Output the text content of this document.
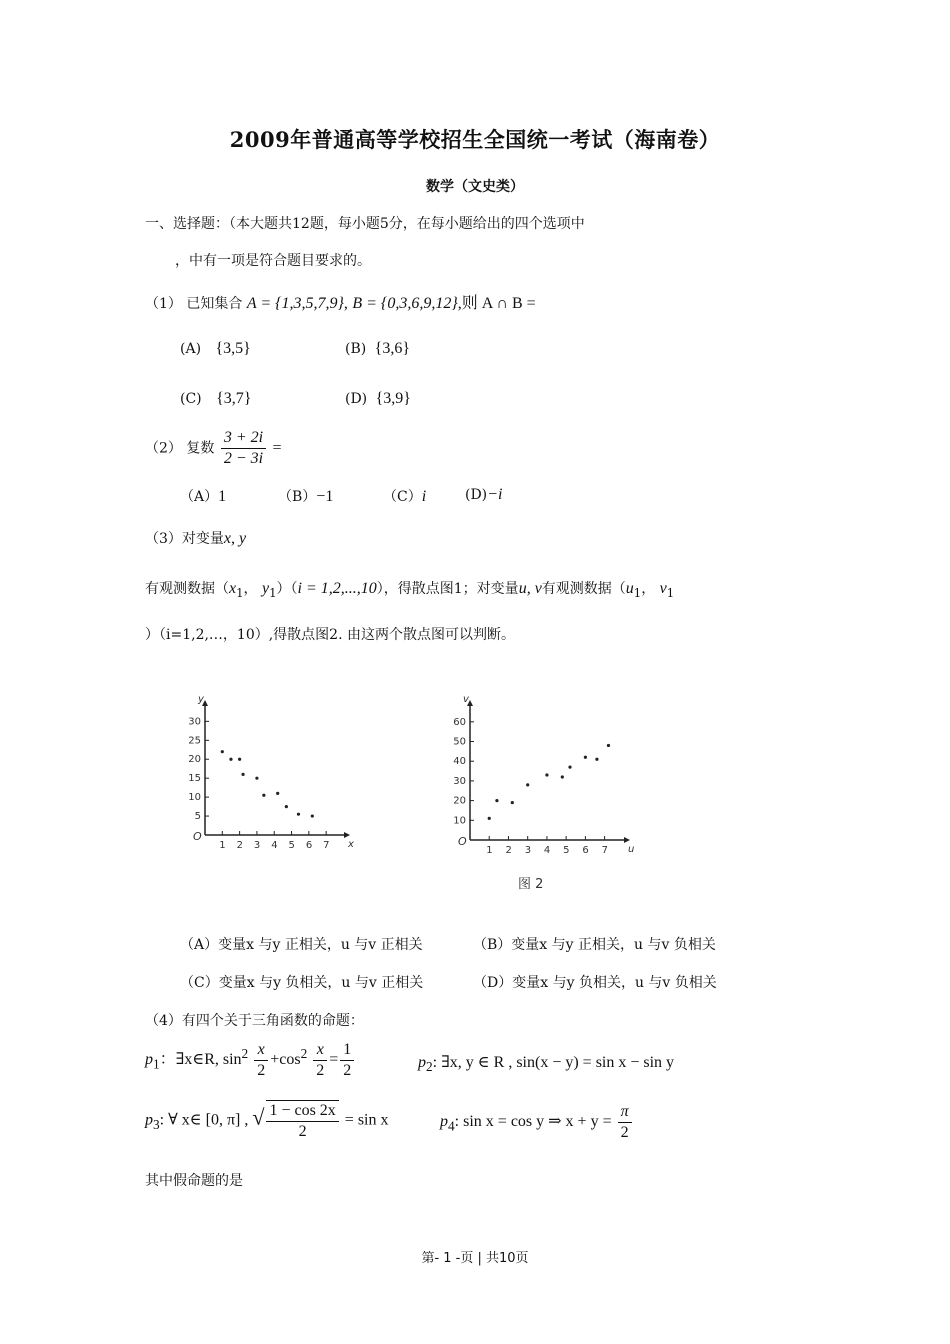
2009年普通高等学校招生全国统一考试（海南卷）
数学（文史类）
一、选择题：（本大题共12题，每小题5分，在每小题给出的四个选项中
，中有一项是符合题目要求的。
（1） 已知集合 A = {1,3,5,7,9}, B = {0,3,6,9,12},则 A ∩ B =
(A) {3,5}	(B) {3,6}
(C) {3,7}	(D) {3,9}
（2） 复数 $\frac{3 + 2i}{2 - 3i}$ =
（A）1	（B）−1	（C）i	(D)−i
（3）对变量x, y
有观测数据（$x_1$， $y_1)(i = 1,2,...,10)$，得散点图1；对变量u, v有观测数据（$u_1$， $v_1$
）（i=1,2,…，10）,得散点图2. 由这两个散点图可以判断。
O
y
x
1 2 3 4 5 6 7
5
10
15
20
25
30
O
v
u
1 2 3 4 5 6 7
10
20
30
40
50
60
图 2
（A）变量x 与y 正相关，u 与v 正相关	（B）变量x 与y 正相关，u 与v 负相关
（C）变量x 与y 负相关，u 与v 正相关	（D）变量x 与y 负相关，u 与v 负相关
（4）有四个关于三角函数的命题：
$p_1$：∃x∈R, $\sin^2 \frac{x}{2} +\cos^2 \frac{x}{2} = \frac{1}{2}$	$p_2$: ∃x, y ∈ R , sin(x − y) = sin x − sin y
$p_3$: ∀ x∈ [0, π] , √ $\frac{1 - \cos 2x}{2} = \sin x$	$p_4$: sin x = cos y ⇒ $x + y = \frac{\pi}{2}$
其中假命题的是
第- 1 -页 | 共10页
